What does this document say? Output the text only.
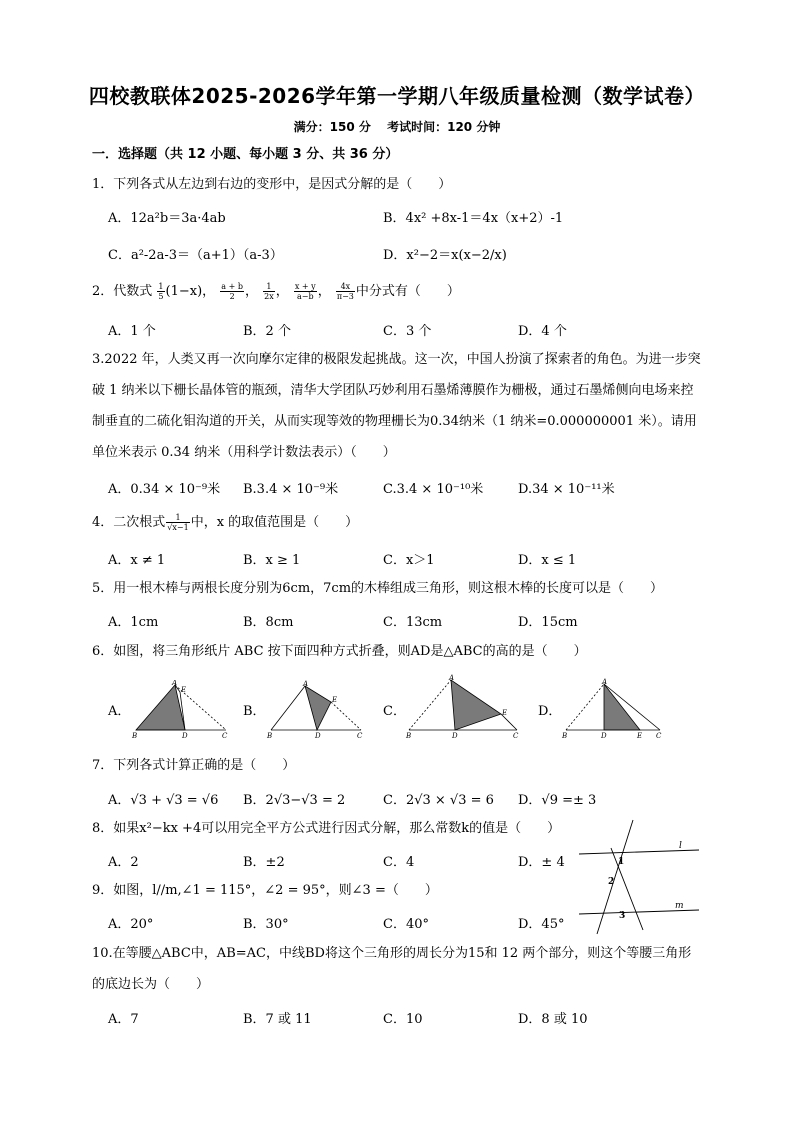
四校教联体2025-2026学年第一学期八年级质量检测（数学试卷）
满分：150 分 考试时间：120 分钟
一．选择题（共 12 小题、每小题 3 分、共 36 分）
1．下列各式从左边到右边的变形中，是因式分解的是（　　）
A．12a²b＝3a·4ab	B．4x² +8x-1＝4x（x+2）-1
C．a²-2a-3＝（a+1）（a-3）	D．x²−2＝x(x−2/x)
2．代数式 $\frac{1}{5} (1-x)$， $\frac{a + b}{2}$ ， $\frac{1}{2x}$ ， $\frac{x + y}{a-b}$ ， $\frac{4x}{\pi-3}$ 中分式有（　　）
A．1 个	B．2 个	C．3 个	D．4 个
3.2022 年，人类又再一次向摩尔定律的极限发起挑战。这一次，中国人扮演了探索者的角色。为进一步突破 1 纳米以下栅长晶体管的瓶颈，清华大学团队巧妙利用石墨烯薄膜作为栅极，通过石墨烯侧向电场来控制垂直的二硫化钼沟道的开关，从而实现等效的物理栅长为0.34纳米（1 纳米=0.000000001 米）。请用单位米表示 0.34 纳米（用科学计数法表示）（　　）
A．0.34 × 10⁻⁹米 B.3.4 × 10⁻⁹米	C.3.4 × 10⁻¹⁰米	D.34 × 10⁻¹¹米
4．二次根式 $\frac{1}{√x-1}$ 中，x 的取值范围是（　　）
A．x ≠ 1	B．x ≥ 1	C．x＞1	D．x ≤ 1
5．用一根木棒与两根长度分别为6cm，7cm的木棒组成三角形，则这根木棒的长度可以是（　　）
A．1cm	B．8cm	C．13cm	D．15cm
6．如图，将三角形纸片 ABC 按下面四种方式折叠，则AD是△ABC的高的是（　　）
A．	B．	C．	D．
A
E
B	D	C
A
E
B	D	C
A
E
B	D	C
A
B	D	E C
7．下列各式计算正确的是（　　）
A．√3 + √3 = √6 B．2√3−√3 = 2	C．2√3 × √3 = 6 D．√9 =± 3
8．如果x²−kx +4可以用完全平方公式进行因式分解，那么常数k的值是（　　）
A．2	B．±2	C．4	D．± 4
9．如图，l//m,∠1 = 115°，∠2 = 95°，则∠3 =（　　）
A．20°	B．30°	C．40°	D．45°
l
m
1
2
3
10.在等腰△ABC中，AB=AC，中线BD将这个三角形的周长分为15和 12 两个部分，则这个等腰三角形的底边长为（　　）
A．7	B．7 或 11	C．10	D．8 或 10
